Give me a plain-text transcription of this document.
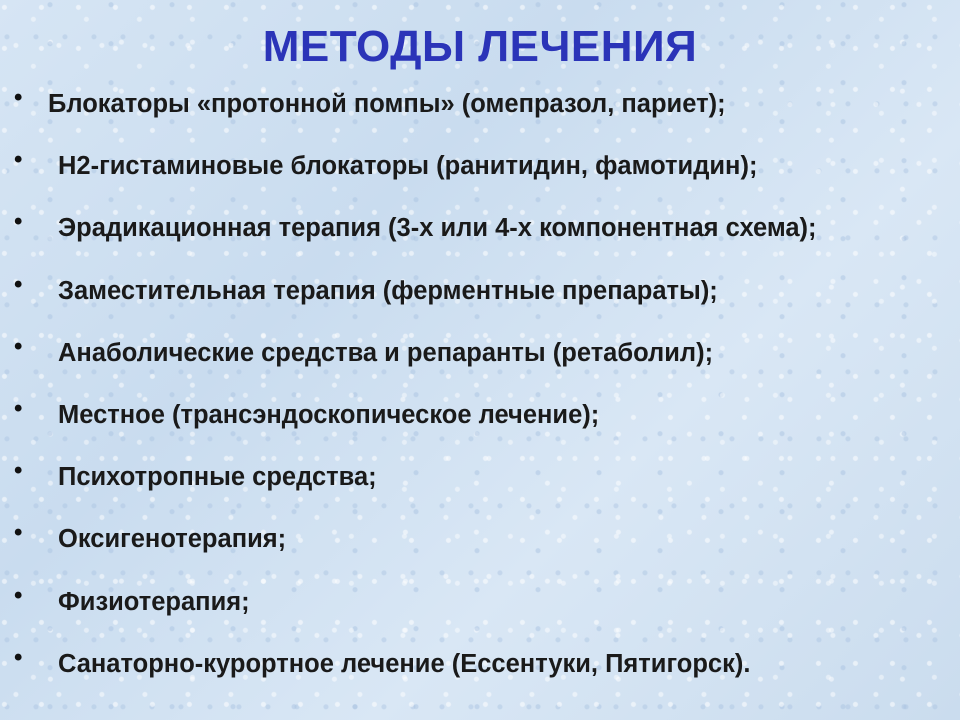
МЕТОДЫ ЛЕЧЕНИЯ
• Блокаторы «протонной помпы» (омепразол, париет);
• Н2-гистаминовые блокаторы (ранитидин, фамотидин);
•	Эрадикационная терапия (3-х или 4-х компонентная схема);
• Заместительная терапия (ферментные препараты);
• Анаболические средства и репаранты (ретаболил);
• Местное (трансэндоскопическое лечение);
• Психотропные средства;
• Оксигенотерапия;
• Физиотерапия;
• Санаторно-курортное лечение (Ессентуки, Пятигорск).
